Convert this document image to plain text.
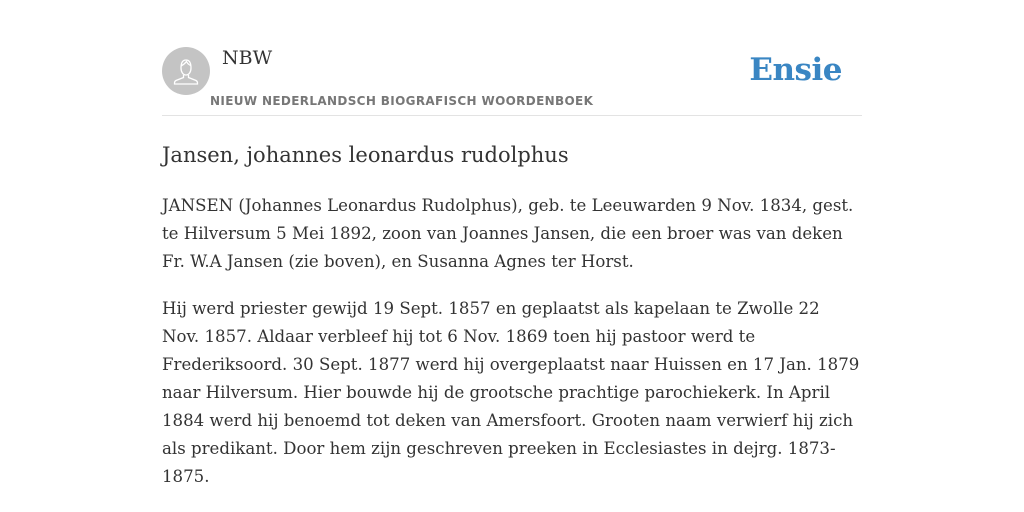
NBW
NIEUW NEDERLANDSCH BIOGRAFISCH WOORDENBOEK
Ensie
Jansen, johannes leonardus rudolphus

JANSEN (Johannes Leonardus Rudolphus), geb. te Leeuwarden 9 Nov. 1834, gest. te Hilversum 5 Mei 1892, zoon van Joannes Jansen, die een broer was van deken Fr. W.A Jansen (zie boven), en Susanna Agnes ter Horst.

Hij werd priester gewijd 19 Sept. 1857 en geplaatst als kapelaan te Zwolle 22 Nov. 1857. Aldaar verbleef hij tot 6 Nov. 1869 toen hij pastoor werd te Frederiksoord. 30 Sept. 1877 werd hij overgeplaatst naar Huissen en 17 Jan. 1879 naar Hilversum. Hier bouwde hij de grootsche prachtige parochiekerk. In April 1884 werd hij benoemd tot deken van Amersfoort. Grooten naam verwierf hij zich als predikant. Door hem zijn geschreven preeken in Ecclesiastes in dejrg. 1873-1875.
